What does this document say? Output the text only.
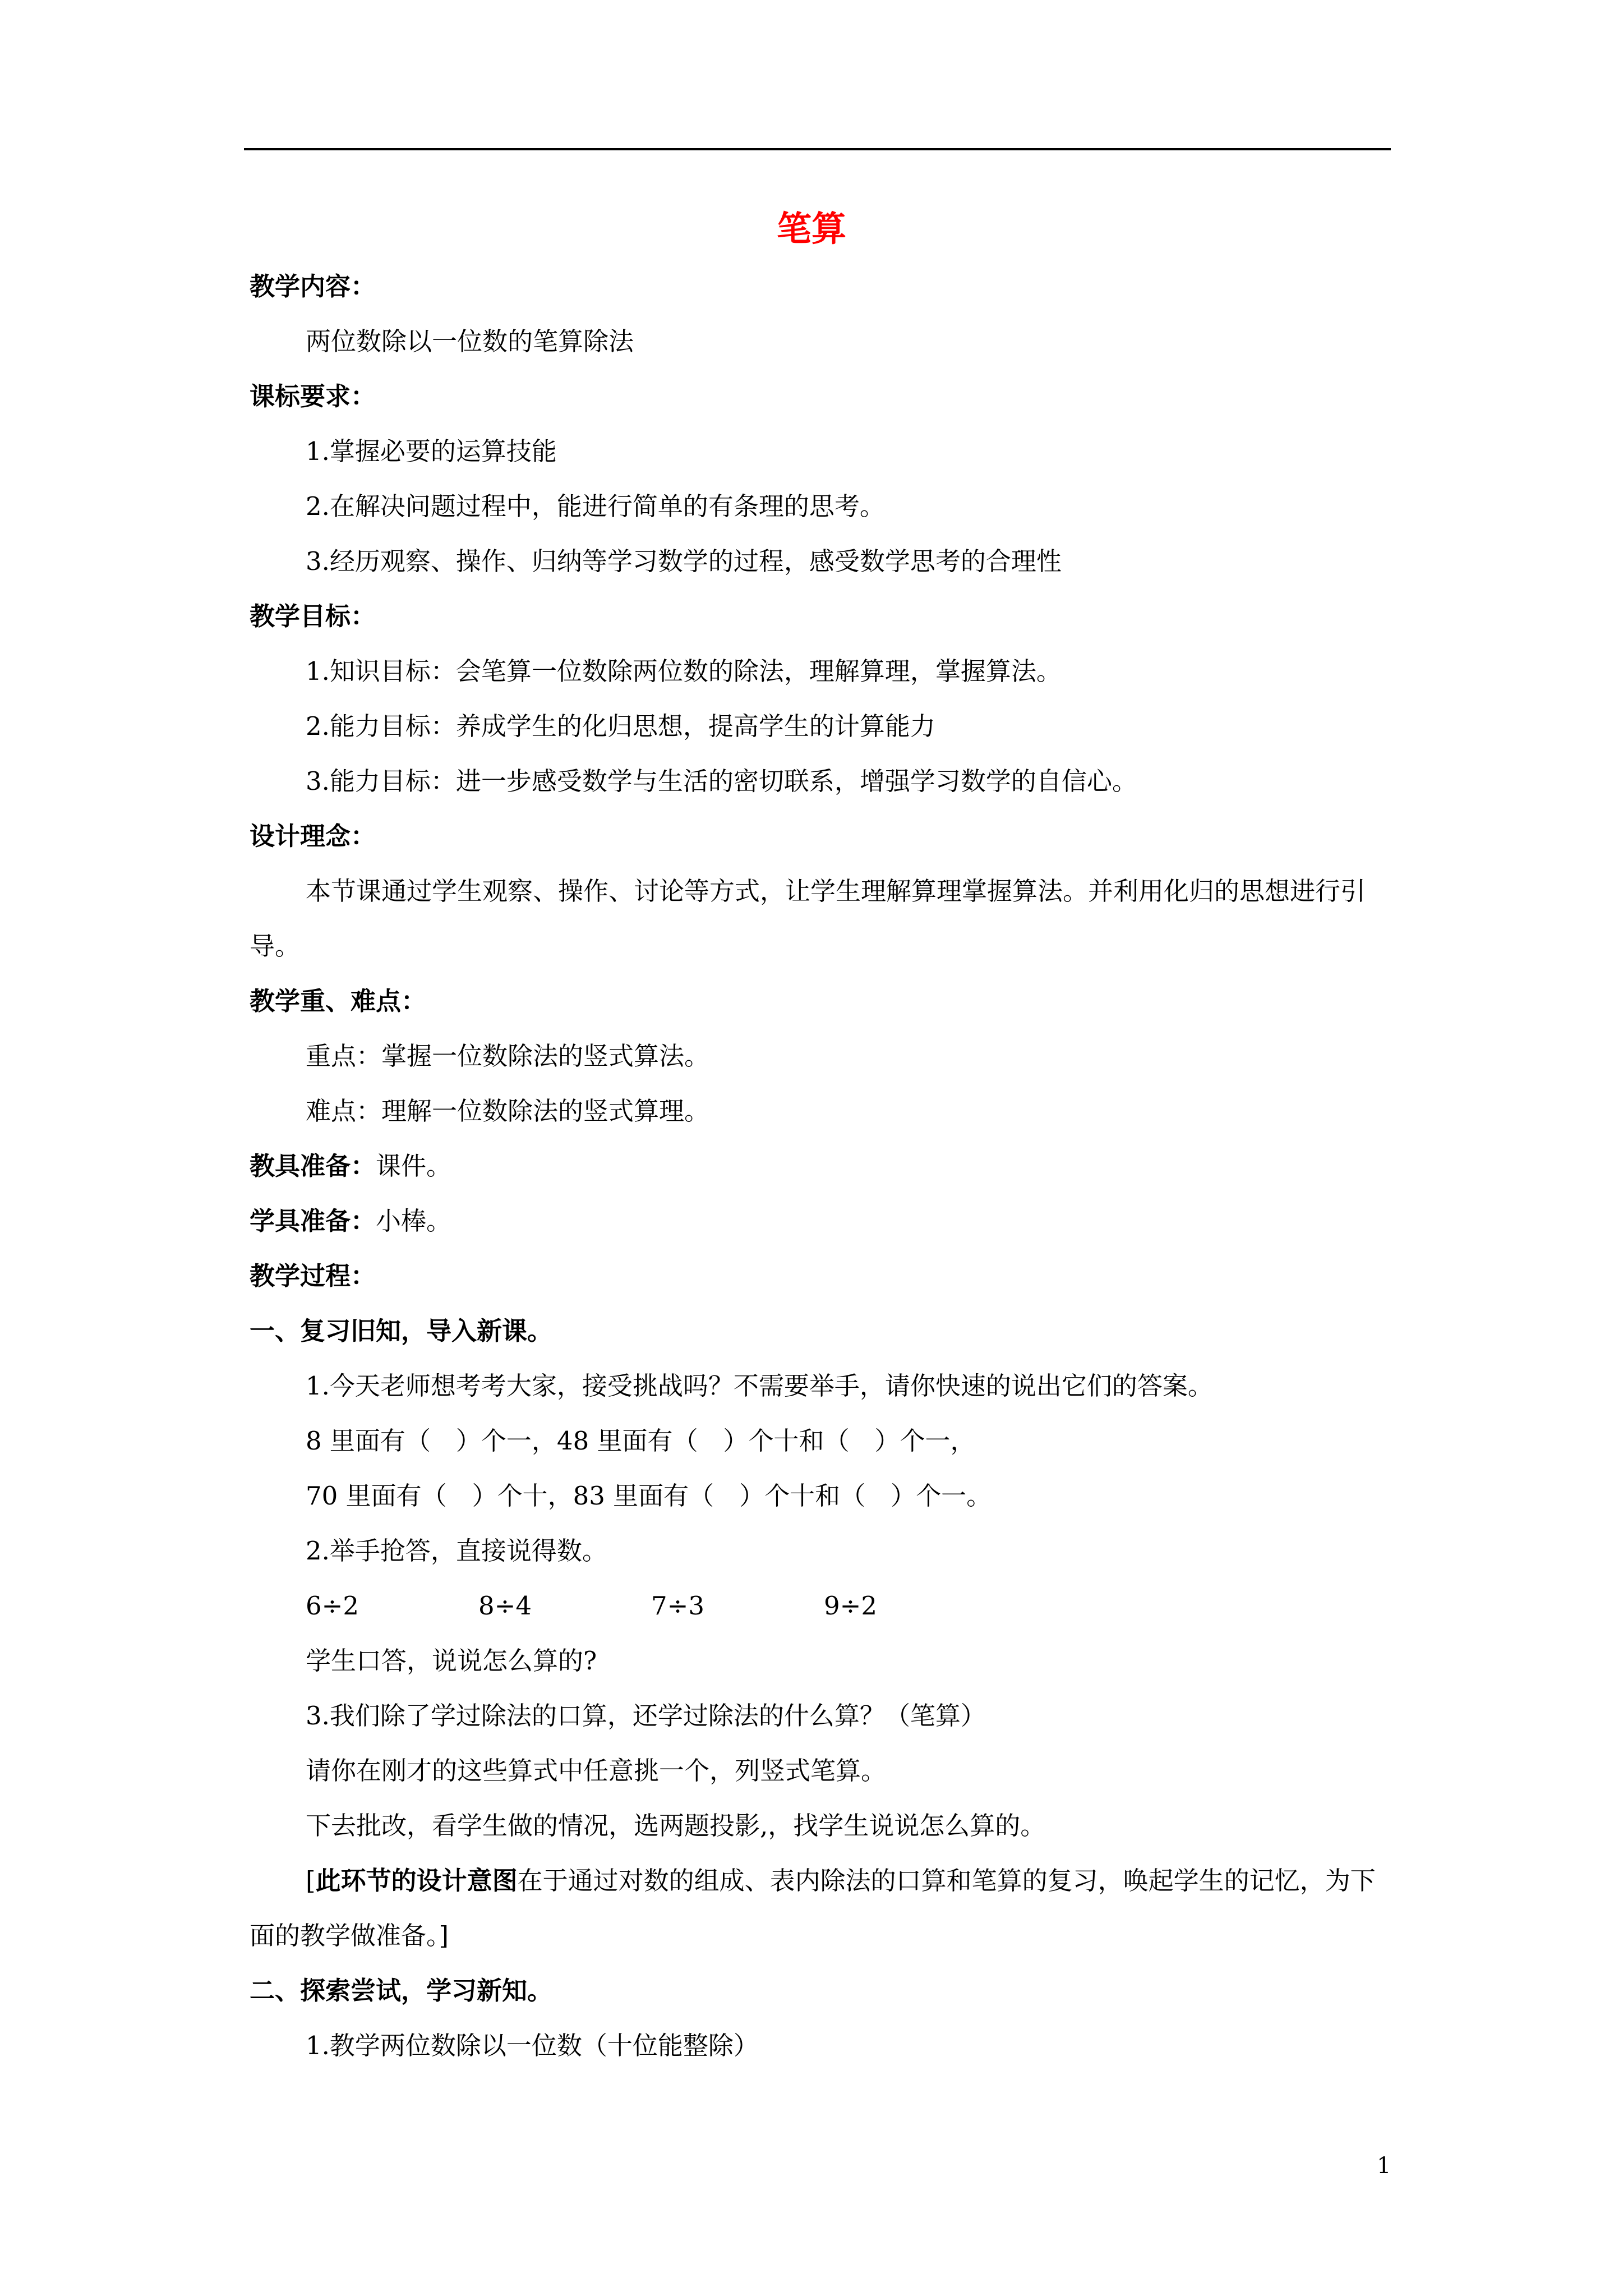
笔算
教学内容：
两位数除以一位数的笔算除法
课标要求：
1.掌握必要的运算技能
2.在解决问题过程中，能进行简单的有条理的思考。
3.经历观察、操作、归纳等学习数学的过程，感受数学思考的合理性
教学目标：
1.知识目标：会笔算一位数除两位数的除法，理解算理，掌握算法。
2.能力目标：养成学生的化归思想，提高学生的计算能力
3.能力目标：进一步感受数学与生活的密切联系，增强学习数学的自信心。
设计理念：
本节课通过学生观察、操作、讨论等方式，让学生理解算理掌握算法。并利用化归的思想进行引导。
教学重、难点：
重点：掌握一位数除法的竖式算法。
难点：理解一位数除法的竖式算理。
教具准备：课件。
学具准备：小棒。
教学过程：
一、复习旧知，导入新课。
1.今天老师想考考大家，接受挑战吗？不需要举手，请你快速的说出它们的答案。
8 里面有（　）个一，48 里面有（　）个十和（　）个一，
70 里面有（　）个十，83 里面有（　）个十和（　）个一。
2.举手抢答，直接说得数。
6÷2	8÷4	7÷3	9÷2
学生口答，说说怎么算的?
3.我们除了学过除法的口算，还学过除法的什么算？（笔算）
请你在刚才的这些算式中任意挑一个，列竖式笔算。
下去批改，看学生做的情况，选两题投影,，找学生说说怎么算的。
[此环节的设计意图在于通过对数的组成、表内除法的口算和笔算的复习，唤起学生的记忆，为下面的教学做准备。]
二、探索尝试，学习新知。
1.教学两位数除以一位数（十位能整除）
1
